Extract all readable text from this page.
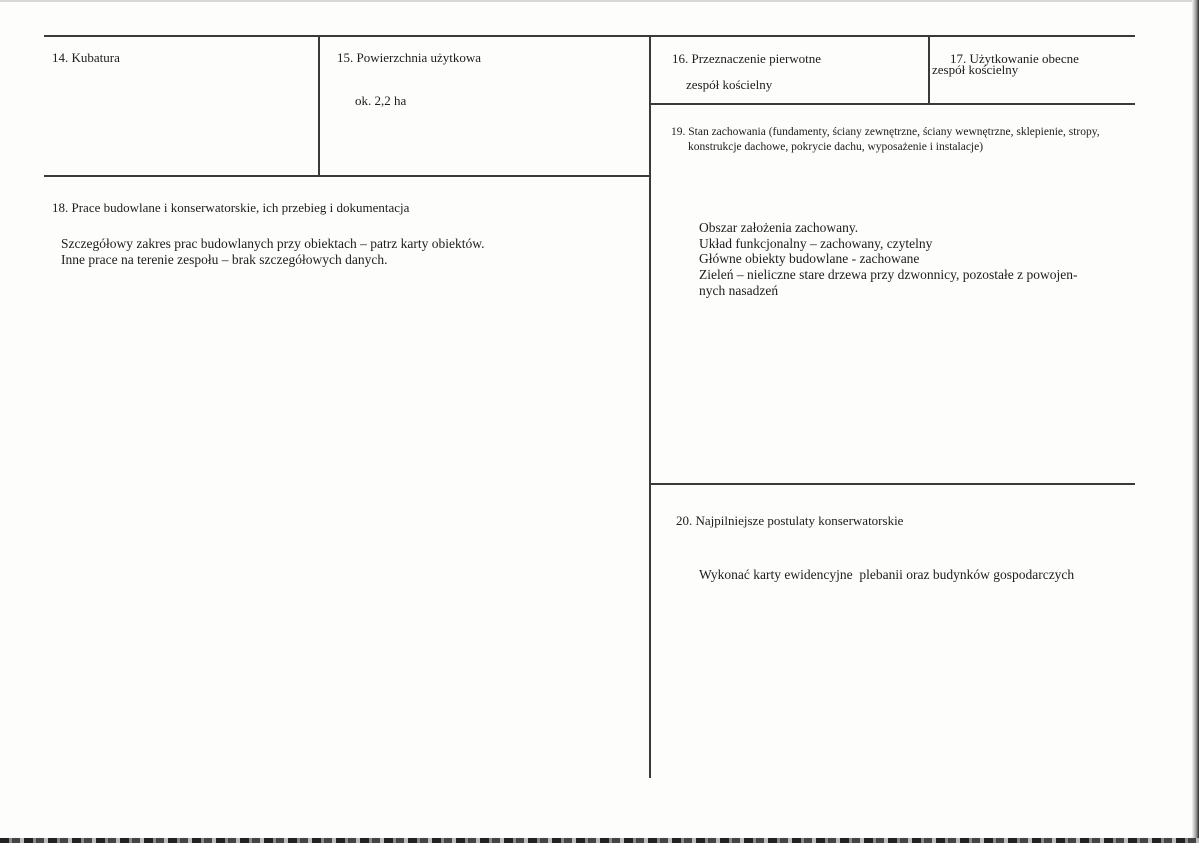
14. Kubatura	15. Powierzchnia użytkowa
ok. 2,2 ha
16. Przeznaczenie pierwotne
zespół kościelny
17. Użytkowanie obecne
zespół kościelny
19. Stan zachowania (fundamenty, ściany zewnętrzne, ściany wewnętrzne, sklepienie, stropy,
konstrukcje dachowe, pokrycie dachu, wyposażenie i instalacje)
Obszar założenia zachowany.
Układ funkcjonalny – zachowany, czytelny
Główne obiekty budowlane - zachowane
Zieleń – nieliczne stare drzewa przy dzwonnicy, pozostałe z powojen-
nych nasadzeń
18. Prace budowlane i konserwatorskie, ich przebieg i dokumentacja
Szczegółowy zakres prac budowlanych przy obiektach – patrz karty obiektów.
Inne prace na terenie zespołu – brak szczegółowych danych.
20. Najpilniejsze postulaty konserwatorskie
Wykonać karty ewidencyjne  plebanii oraz budynków gospodarczych
